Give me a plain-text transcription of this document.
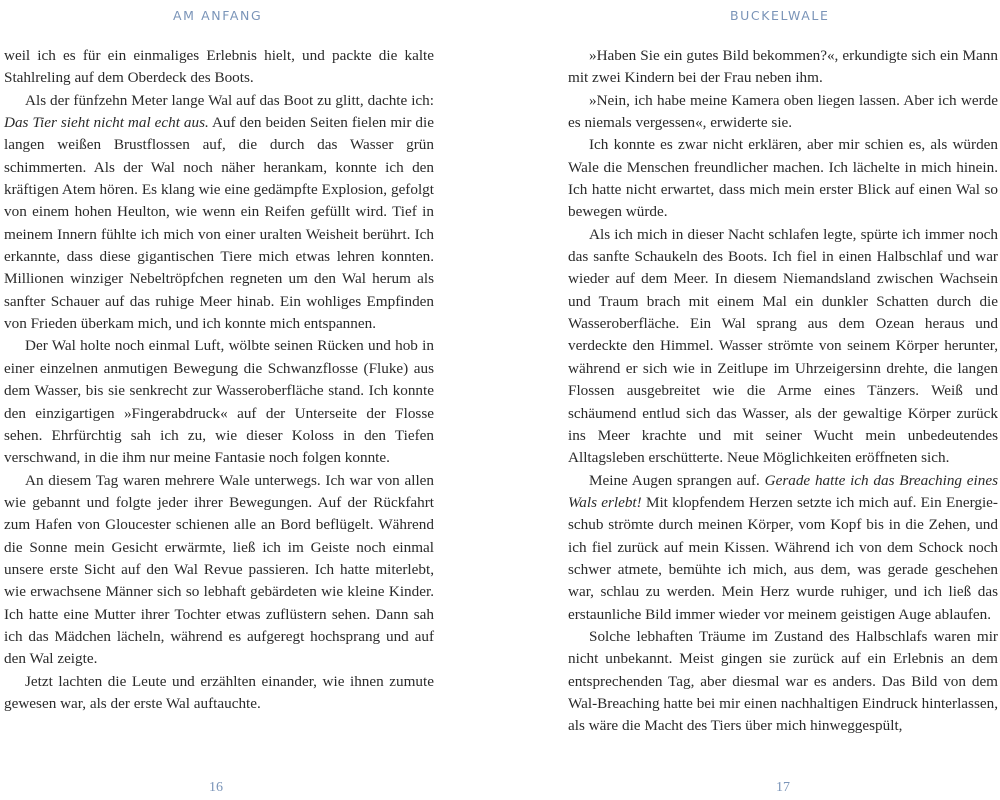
AM ANFANG

weil ich es für ein einmaliges Erlebnis hielt, und packte die kalte Stahlreling auf dem Oberdeck des Boots.

Als der fünfzehn Meter lange Wal auf das Boot zu glitt, dachte ich: Das Tier sieht nicht mal echt aus. Auf den beiden Seiten fielen mir die langen weißen Brustflossen auf, die durch das Wasser grün schimmerten. Als der Wal noch näher herankam, konnte ich den kräftigen Atem hören. Es klang wie eine gedämpfte Explosion, gefolgt von einem hohen Heulton, wie wenn ein Reifen gefüllt wird. Tief in meinem Innern fühlte ich mich von einer uralten Weisheit berührt. Ich erkannte, dass diese gigantischen Tiere mich etwas lehren konnten. Millionen winziger Nebeltröpfchen regneten um den Wal herum als sanfter Schauer auf das ruhige Meer hinab. Ein wohliges Empfinden von Frieden überkam mich, und ich konnte mich entspannen.

Der Wal holte noch einmal Luft, wölbte seinen Rücken und hob in einer einzelnen anmutigen Bewegung die Schwanzflosse (Fluke) aus dem Wasser, bis sie senkrecht zur Wasseroberfläche stand. Ich konnte den einzigartigen »Fingerabdruck« auf der Unterseite der Flosse sehen. Ehrfürchtig sah ich zu, wie dieser Koloss in den Tiefen verschwand, in die ihm nur meine Fantasie noch folgen konnte.

An diesem Tag waren mehrere Wale unterwegs. Ich war von allen wie gebannt und folgte jeder ihrer Bewegungen. Auf der Rückfahrt zum Hafen von Gloucester schienen alle an Bord beflügelt. Während die Sonne mein Gesicht erwärmte, ließ ich im Geiste noch einmal unsere erste Sicht auf den Wal Revue passieren. Ich hatte miterlebt, wie erwachsene Männer sich so lebhaft gebärdeten wie kleine Kinder. Ich hatte eine Mutter ihrer Tochter etwas zuflüstern sehen. Dann sah ich das Mädchen lächeln, während es aufgeregt hochsprang und auf den Wal zeigte.

Jetzt lachten die Leute und erzählten einander, wie ihnen zumute gewesen war, als der erste Wal auftauchte.

16
BUCKELWALE

»Haben Sie ein gutes Bild bekommen?«, erkundigte sich ein Mann mit zwei Kindern bei der Frau neben ihm.

»Nein, ich habe meine Kamera oben liegen lassen. Aber ich werde es niemals vergessen«, erwiderte sie.

Ich konnte es zwar nicht erklären, aber mir schien es, als würden Wale die Menschen freundlicher machen. Ich lächelte in mich hinein. Ich hatte nicht erwartet, dass mich mein erster Blick auf einen Wal so bewegen würde.

Als ich mich in dieser Nacht schlafen legte, spürte ich immer noch das sanfte Schaukeln des Boots. Ich fiel in einen Halbschlaf und war wieder auf dem Meer. In diesem Niemandsland zwischen Wachsein und Traum brach mit einem Mal ein dunkler Schatten durch die Wasseroberfläche. Ein Wal sprang aus dem Ozean heraus und verdeckte den Himmel. Wasser strömte von seinem Körper herunter, während er sich wie in Zeitlupe im Uhrzeigersinn drehte, die langen Flossen ausgebreitet wie die Arme eines Tänzers. Weiß und schäumend entlud sich das Wasser, als der gewaltige Körper zurück ins Meer krachte und mit seiner Wucht mein unbedeutendes Alltagsleben erschütterte. Neue Möglichkeiten eröffneten sich.

Meine Augen sprangen auf. Gerade hatte ich das Breaching eines Wals erlebt! Mit klopfendem Herzen setzte ich mich auf. Ein Energieschub strömte durch meinen Körper, vom Kopf bis in die Zehen, und ich fiel zurück auf mein Kissen. Während ich von dem Schock noch schwer atmete, bemühte ich mich, aus dem, was gerade geschehen war, schlau zu werden. Mein Herz wurde ruhiger, und ich ließ das erstaunliche Bild immer wieder vor meinem geistigen Auge ablaufen.

Solche lebhaften Träume im Zustand des Halbschlafs waren mir nicht unbekannt. Meist gingen sie zurück auf ein Erlebnis an dem entsprechenden Tag, aber diesmal war es anders. Das Bild von dem Wal-Breaching hatte bei mir einen nachhaltigen Eindruck hinterlassen, als wäre die Macht des Tiers über mich hinweggespült,

17
